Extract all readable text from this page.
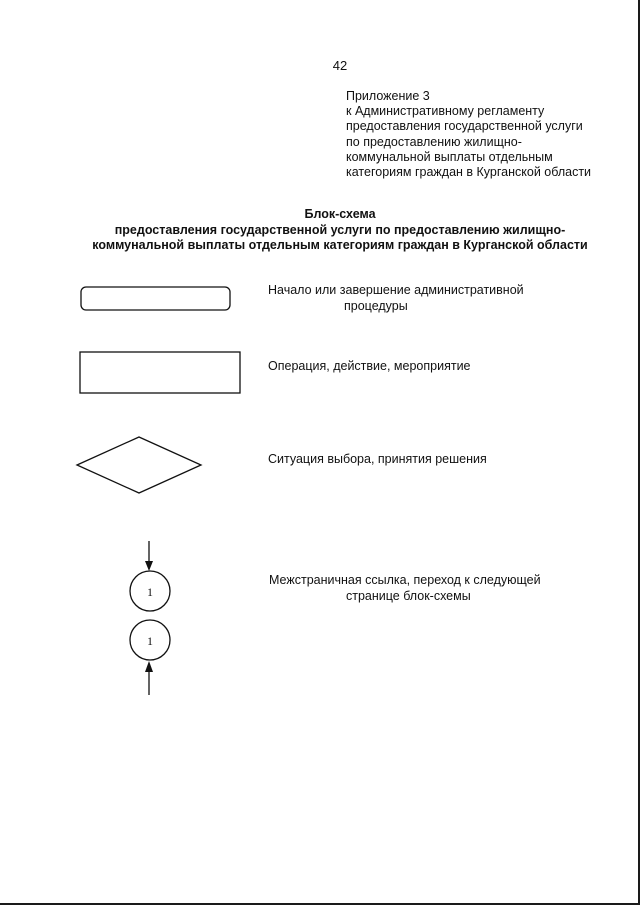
42
Приложение 3
к Административному регламенту
предоставления государственной услуги
по предоставлению жилищно-
коммунальной выплаты отдельным
категориям граждан в Курганской области
Блок-схема
предоставления государственной услуги по предоставлению жилищно-
коммунальной выплаты отдельным категориям граждан в Курганской области
1
1
Начало или завершение административной
процедуры
Операция, действие, мероприятие
Ситуация выбора, принятия решения
Межстраничная ссылка, переход к следующей
странице блок-схемы
